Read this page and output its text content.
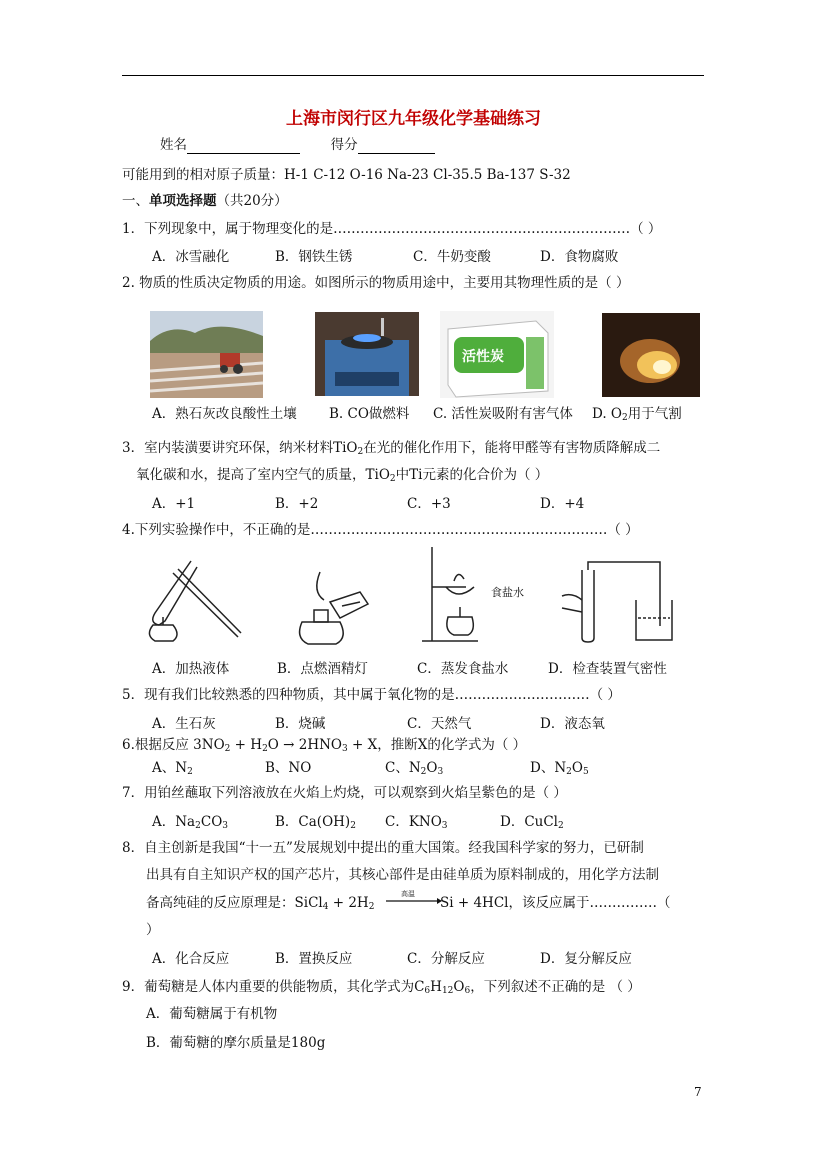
上海市闵行区九年级化学基础练习
姓名	得分
可能用到的相对原子质量：H-1 C-12 O-16 Na-23 Cl-35.5 Ba-137 S-32
一、单项选择题（共20分）
1．下列现象中，属于物理变化的是…………………………………………………………（ ）
A．冰雪融化	B．钢铁生锈	C．牛奶变酸	D．食物腐败
2. 物质的性质决定物质的用途。如图所示的物质用途中，主要用其物理性质的是（ ）
活性炭
A．熟石灰改良酸性土壤 B. CO做燃料 C. 活性炭吸附有害气体 D. $O_2$用于气割
3．室内装潢要讲究环保，纳米材料TiO$_2$在光的催化作用下，能将甲醛等有害物质降解成二
氧化碳和水，提高了室内空气的质量，TiO$_2$中Ti元素的化合价为（ ）
A．+1	B．+2	C．+3	D．+4
4.下列实验操作中，不正确的是…………………………………………………………（ ）
食盐水
A．加热液体	B．点燃酒精灯	C．蒸发食盐水	D．检查装置气密性
5．现有我们比较熟悉的四种物质，其中属于氧化物的是…………………………（ ）
A．生石灰	B．烧碱	C．天然气	D．液态氧
6.根据反应 $3NO_2 + H_2O \to 2HNO_3 + X$，推断X的化学式为（ ）
A、$N_2$	B、NO	C、$N_2O_3$	D、$N_2O_5$
7．用铂丝蘸取下列溶液放在火焰上灼烧，可以观察到火焰呈紫色的是（ ）
A．$Na_2CO_3$	B．$Ca(OH)_2$ C．$KNO_3$	D．CuCl$_2$
8．自主创新是我国“十一五”发展规划中提出的重大国策。经我国科学家的努力，已研制
出具有自主知识产权的国产芯片，其核心部件是由硅单质为原料制成的，用化学方法制
备高纯硅的反应原理是：SiCl$_4$ + $2H_2$
高温
Si + 4HCl，该反应属于……………（
）
A．化合反应	B．置换反应	C．分解反应	D．复分解反应
9．葡萄糖是人体内重要的供能物质，其化学式为$C_6H_{12}O_6$，下列叙述不正确的是 （ ）
A．葡萄糖属于有机物
B．葡萄糖的摩尔质量是180g
7
